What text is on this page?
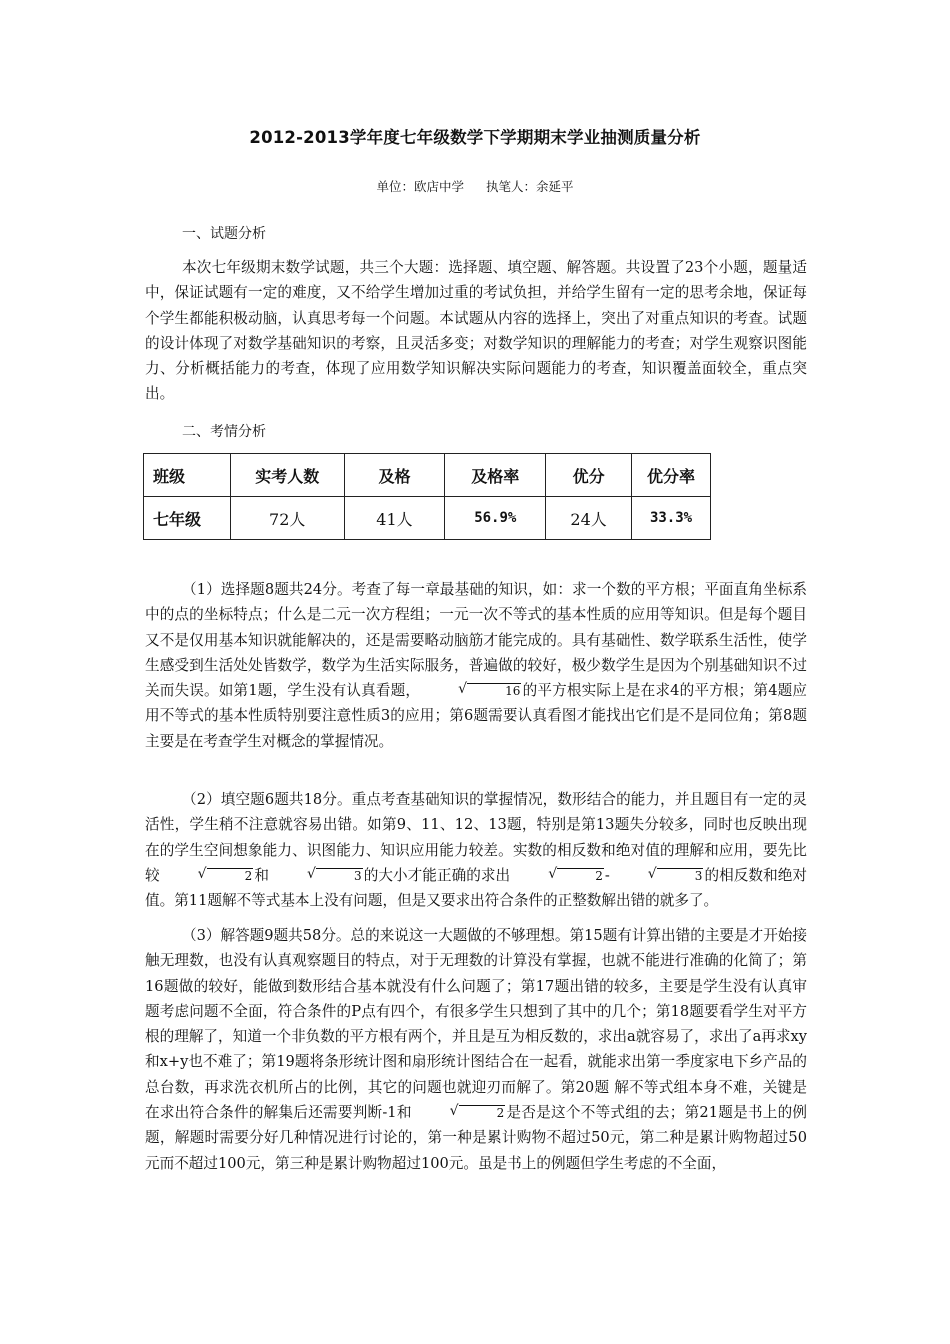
2012-2013学年度七年级数学下学期期末学业抽测质量分析
单位：欧店中学 执笔人：余延平
一、试题分析

本次七年级期末数学试题，共三个大题：选择题、填空题、解答题。共设置了23个小题，题量适中，保证试题有一定的难度，又不给学生增加过重的考试负担，并给学生留有一定的思考余地，保证每个学生都能积极动脑，认真思考每一个问题。本试题从内容的选择上，突出了对重点知识的考查。试题的设计体现了对数学基础知识的考察，且灵活多变；对数学知识的理解能力的考查；对学生观察识图能力、分析概括能力的考查，体现了应用数学知识解决实际问题能力的考查，知识覆盖面较全，重点突出。

二、考情分析
班级	实考人数	及格	及格率	优分	优分率
七年级	72人	41人	56.9%	24人	33.3%

（1）选择题8题共24分。考查了每一章最基础的知识，如：求一个数的平方根；平面直角坐标系中的点的坐标特点；什么是二元一次方程组；一元一次不等式的基本性质的应用等知识。但是每个题目又不是仅用基本知识就能解决的，还是需要略动脑筋才能完成的。具有基础性、数学联系生活性，使学生感受到生活处处皆数学，数学为生活实际服务，普遍做的较好，极少数学生是因为个别基础知识不过关而失误。如第1题，学生没有认真看题，	√ 16 的平方根实际上是在求4的平方根；第4题应用不等式的基本性质特别要注意性质3的应用；第6题需要认真看图才能找出它们是不是同位角；第8题 主要是在考查学生对概念的掌握情况。

（2）填空题6题共18分。重点考查基础知识的掌握情况，数形结合的能力，并且题目有一定的灵活性，学生稍不注意就容易出错。如第9、11、12、13题，特别是第13题失分较多，同时也反映出现在的学生空间想象能力、识图能力、知识应用能力较差。实数的相反数和绝对值的理解和应用，要先比较	√ 2 和	√ 3 的大小才能正确的求出	√ 2 -	√ 3 的相反数和绝对值。第11题解不等式基本上没有问题，但是又要求出符合条件的正整数解出错的就多了。

（3）解答题9题共58分。总的来说这一大题做的不够理想。第15题有计算出错的主要是才开始接触无理数，也没有认真观察题目的特点，对于无理数的计算没有掌握，也就不能进行准确的化简了；第16题做的较好，能做到数形结合基本就没有什么问题了；第17题出错的较多，主要是学生没有认真审题考虑问题不全面，符合条件的P点有四个，有很多学生只想到了其中的几个；第18题要看学生对平方根的理解了，知道一个非负数的平方根有两个，并且是互为相反数的，求出a就容易了，求出了a再求xy和x+y也不难了；第19题将条形统计图和扇形统计图结合在一起看，就能求出第一季度家电下乡产品的总台数，再求洗衣机所占的比例，其它的问题也就迎刃而解了。第20题 解不等式组本身不难，关键是在求出符合条件的解集后还需要判断-1和	√ 2 是否是这个不等式组的去；第21题是书上的例题，解题时需要分好几种情况进行讨论的，第一种是累计购物不超过50元，第二种是累计购物超过50元而不超过100元，第三种是累计购物超过100元。虽是书上的例题但学生考虑的不全面，
